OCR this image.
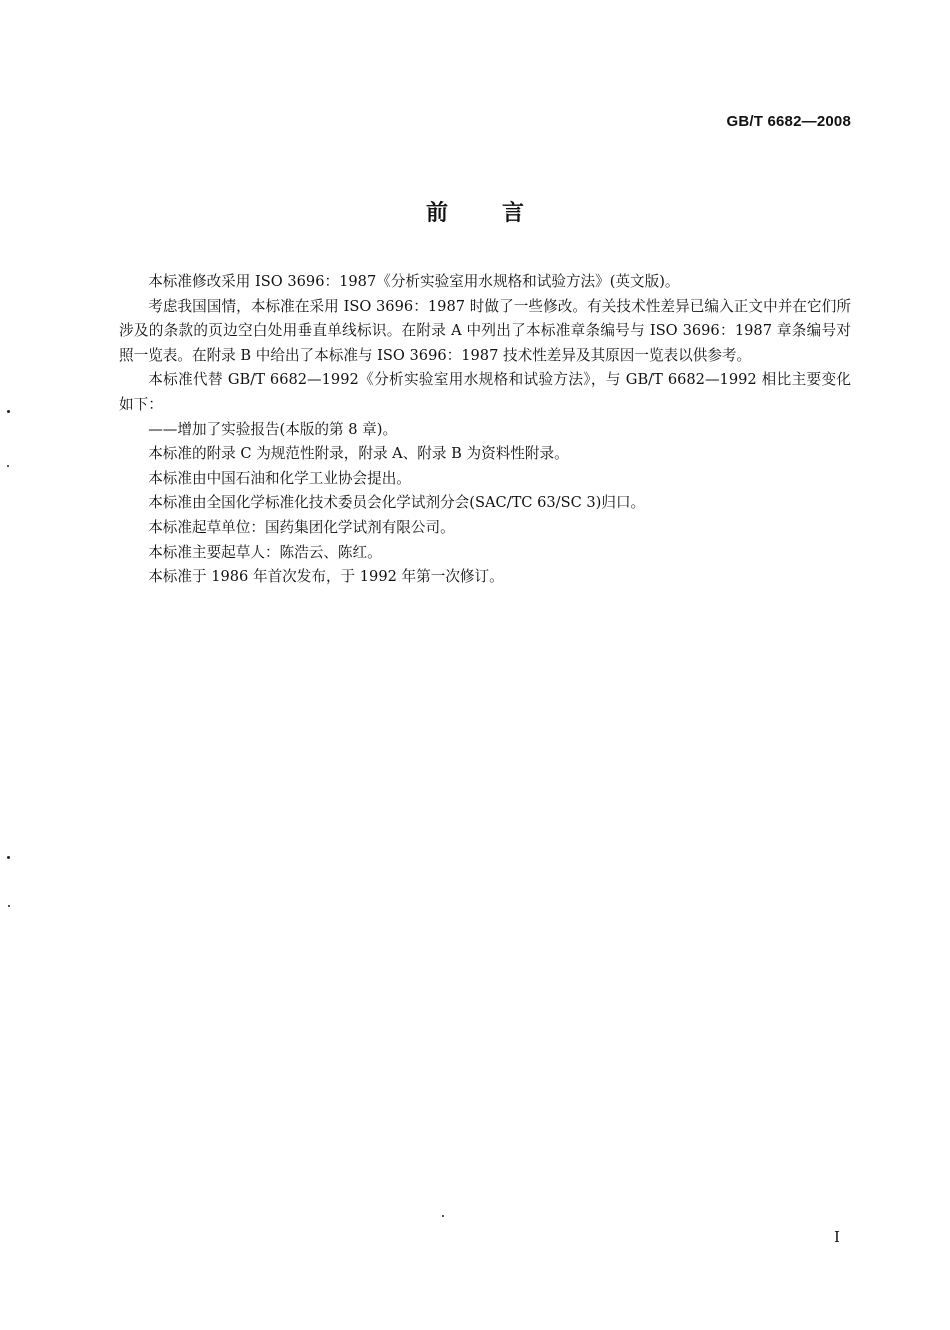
GB/T 6682—2008
前言

本标准修改采用 ISO 3696：1987《分析实验室用水规格和试验方法》(英文版)。

考虑我国国情，本标准在采用 ISO 3696：1987 时做了一些修改。有关技术性差异已编入正文中并在它们所涉及的条款的页边空白处用垂直单线标识。在附录 A 中列出了本标准章条编号与 ISO 3696：1987 章条编号对照一览表。在附录 B 中给出了本标准与 ISO 3696：1987 技术性差异及其原因一览表以供参考。

本标准代替 GB/T 6682—1992《分析实验室用水规格和试验方法》，与 GB/T 6682—1992 相比主要变化如下：

——增加了实验报告(本版的第 8 章)。

本标准的附录 C 为规范性附录，附录 A、附录 B 为资料性附录。

本标准由中国石油和化学工业协会提出。

本标准由全国化学标准化技术委员会化学试剂分会(SAC/TC 63/SC 3)归口。

本标准起草单位：国药集团化学试剂有限公司。

本标准主要起草人：陈浩云、陈红。

本标准于 1986 年首次发布，于 1992 年第一次修订。

I
